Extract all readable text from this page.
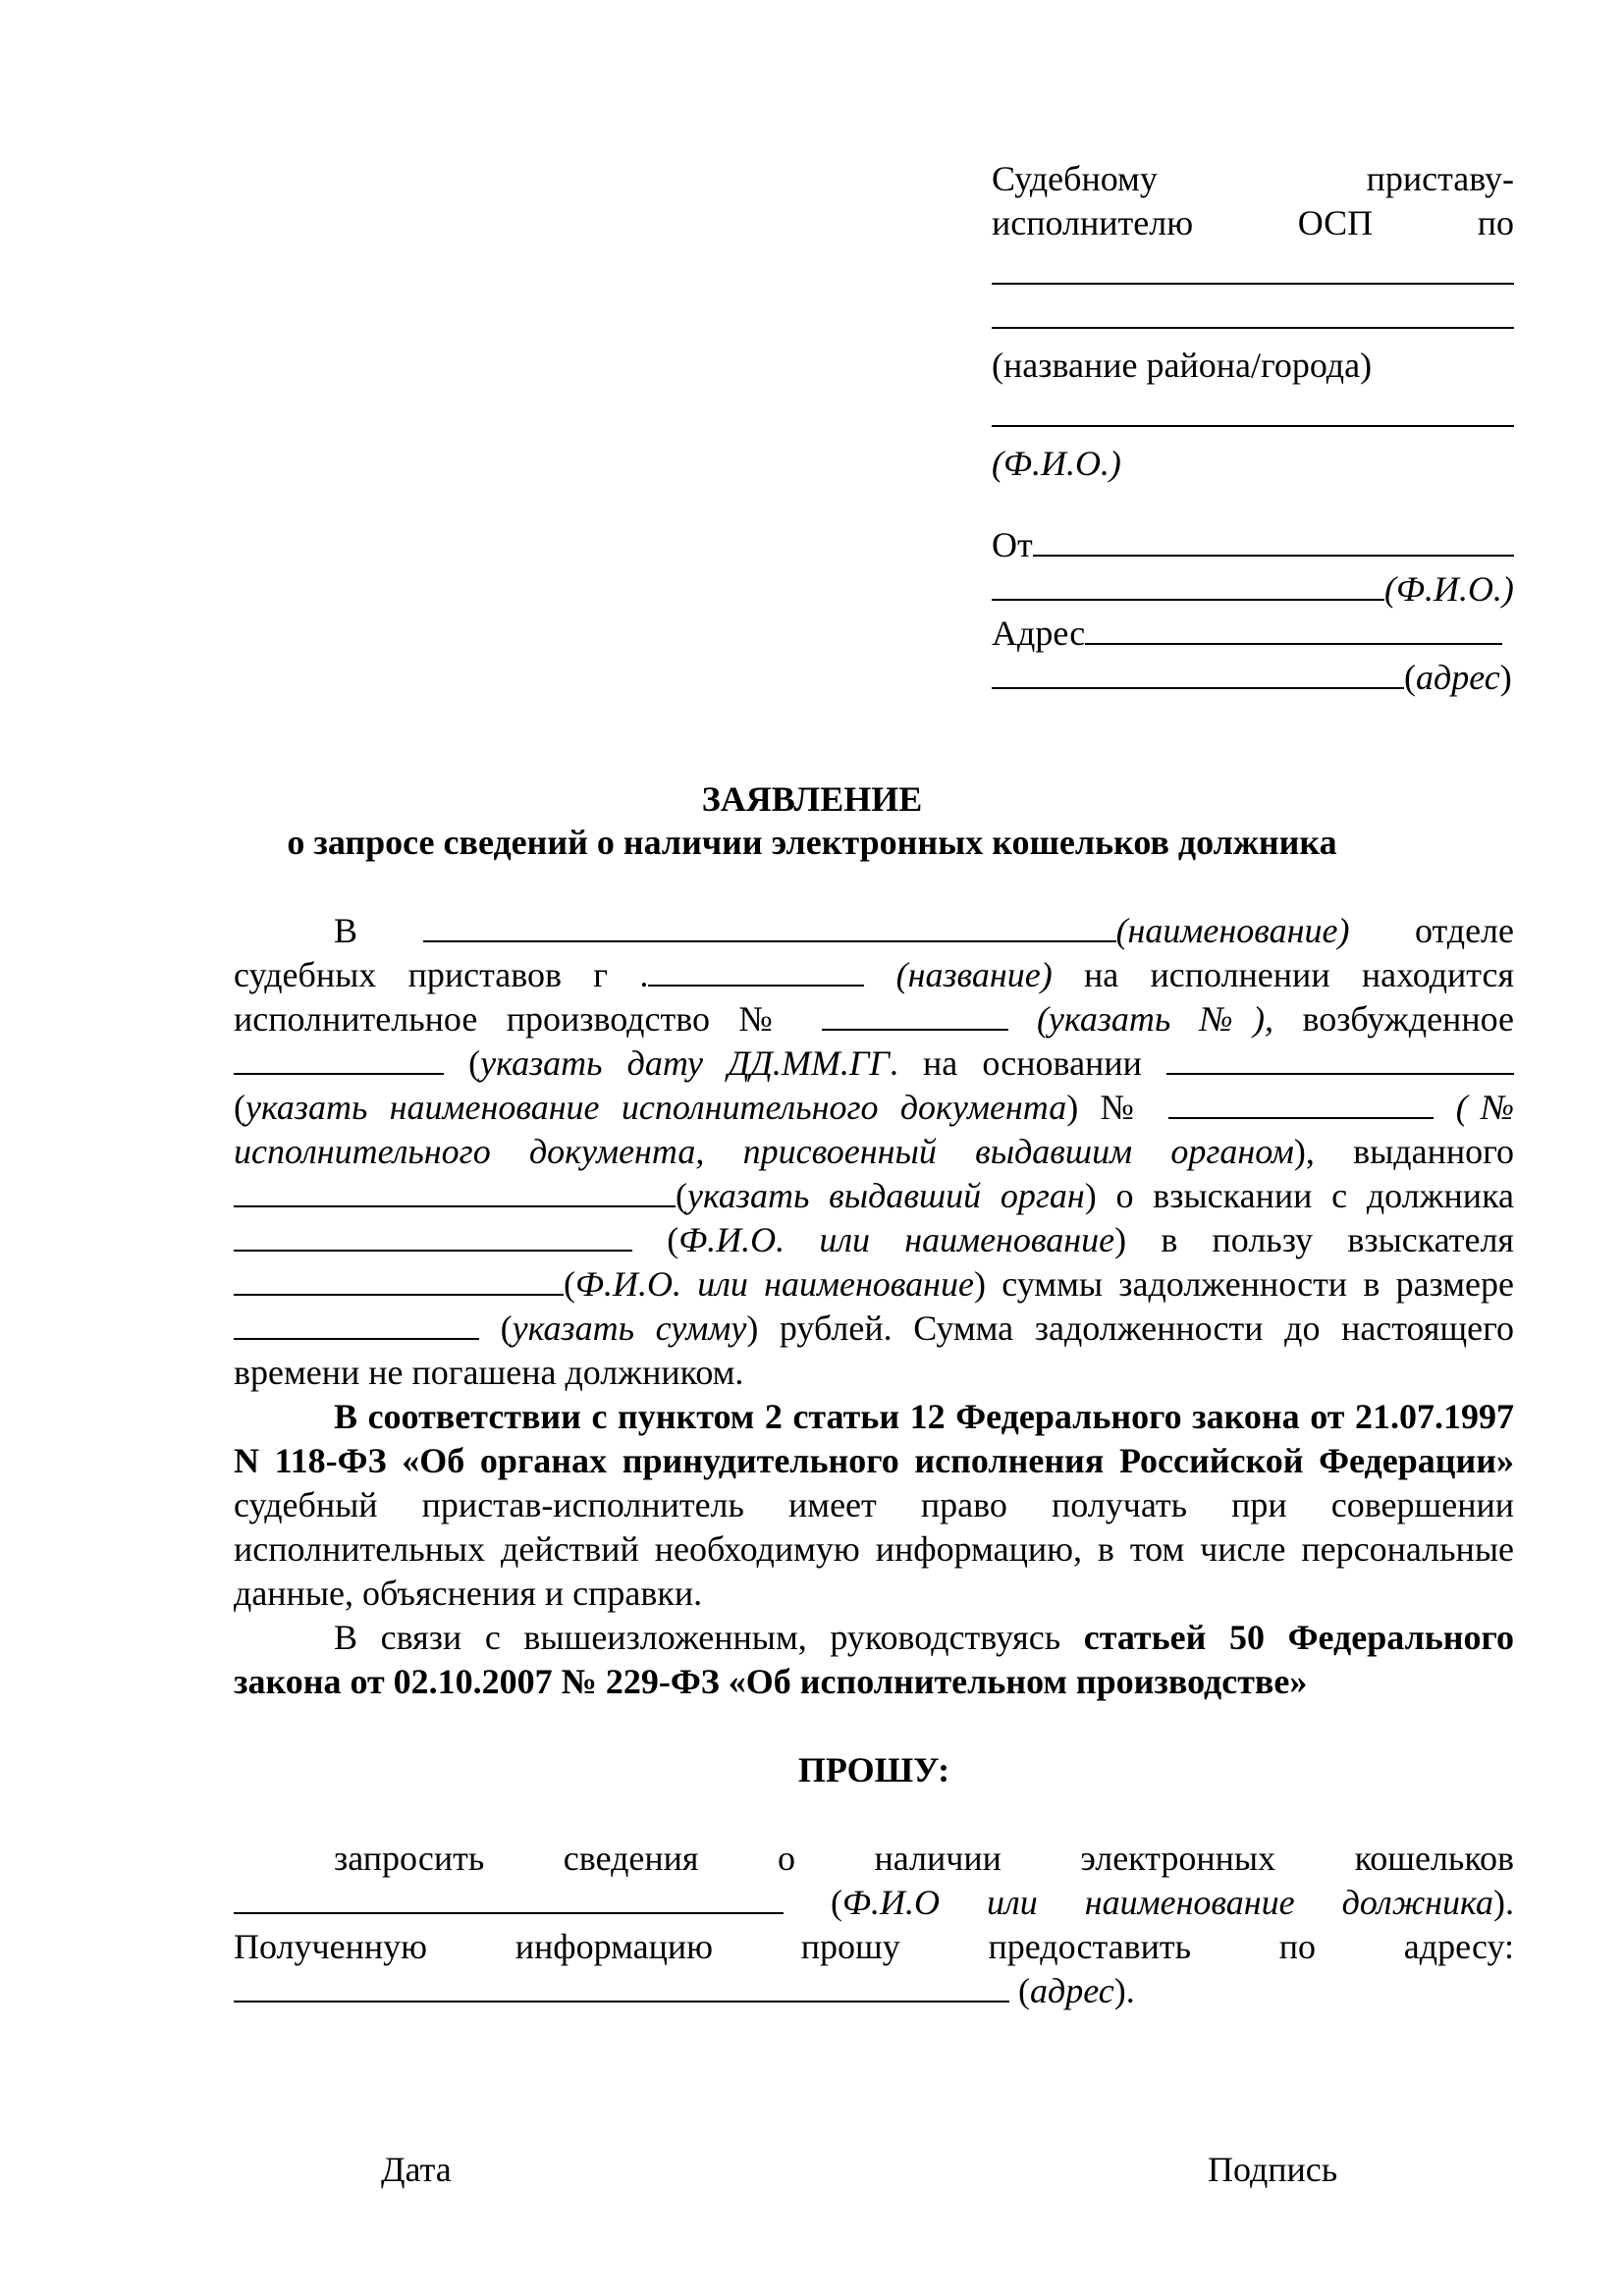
Судебному	приставу-
исполнителю	ОСП	по
(название района/города)
(Ф.И.О.)
От
(Ф.И.О.)
Адрес
(адрес)
ЗАЯВЛЕНИЕ
о запросе сведений о наличии электронных кошельков должника

В	(наименование) отделе судебных приставов г .	(название) на исполнении находится исполнительное производство №	(указать №), возбужденное  (указать дату ДД.ММ.ГГ. на основании (указать наименование исполнительного документа) №	(№ исполнительного документа, присвоенный выдавшим органом), выданного (указать выдавший орган) о взыскании с должника  (Ф.И.О. или наименование) в пользу взыскателя (Ф.И.О. или наименование) суммы задолженности в размере  (указать сумму) рублей. Сумма задолженности до настоящего времени не погашена должником.

В соответствии с пунктом 2 статьи 12 Федерального закона от 21.07.1997 N 118-ФЗ «Об органах принудительного исполнения Российской Федерации» судебный пристав-исполнитель имеет право получать при совершении исполнительных действий необходимую информацию, в том числе персональные данные, объяснения и справки.

В связи с вышеизложенным, руководствуясь статьей 50 Федерального закона от 02.10.2007 № 229-ФЗ «Об исполнительном производстве»

ПРОШУ:

запросить сведения о наличии электронных кошельков  (Ф.И.О или наименование должника). Полученную информацию прошу предоставить по адресу:  (адрес).

Дата	Подпись
